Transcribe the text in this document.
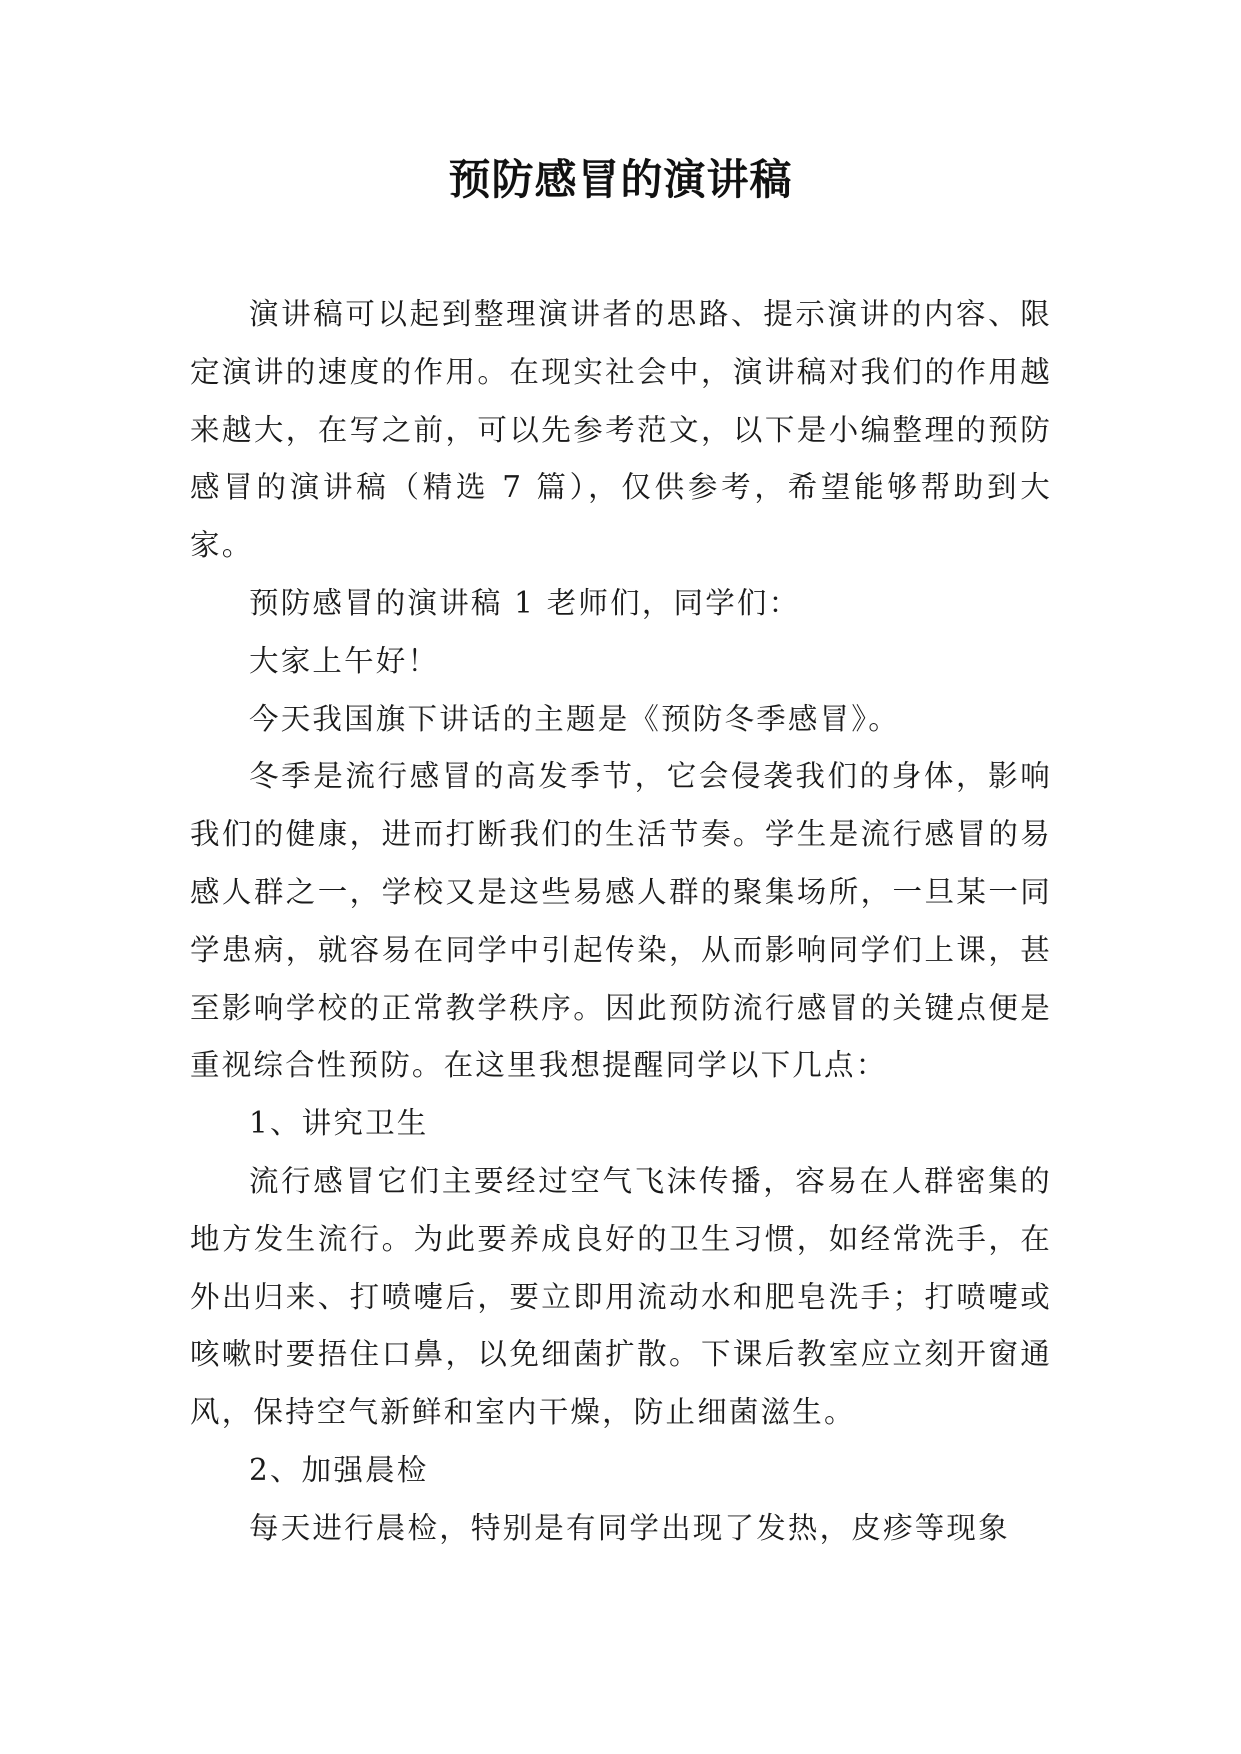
预防感冒的演讲稿

演讲稿可以起到整理演讲者的思路、提示演讲的内容、限定演讲的速度的作用。在现实社会中，演讲稿对我们的作用越来越大，在写之前，可以先参考范文，以下是小编整理的预防感冒的演讲稿（精选 7 篇），仅供参考，希望能够帮助到大家。

预防感冒的演讲稿 1 老师们，同学们：

大家上午好！

今天我国旗下讲话的主题是《预防冬季感冒》。

冬季是流行感冒的高发季节，它会侵袭我们的身体，影响我们的健康，进而打断我们的生活节奏。学生是流行感冒的易感人群之一，学校又是这些易感人群的聚集场所，一旦某一同学患病，就容易在同学中引起传染，从而影响同学们上课，甚至影响学校的正常教学秩序。因此预防流行感冒的关键点便是重视综合性预防。在这里我想提醒同学以下几点：

1、讲究卫生

流行感冒它们主要经过空气飞沫传播，容易在人群密集的地方发生流行。为此要养成良好的卫生习惯，如经常洗手，在外出归来、打喷嚏后，要立即用流动水和肥皂洗手；打喷嚏或咳嗽时要捂住口鼻，以免细菌扩散。下课后教室应立刻开窗通风，保持空气新鲜和室内干燥，防止细菌滋生。

2、加强晨检

每天进行晨检，特别是有同学出现了发热，皮疹等现象
